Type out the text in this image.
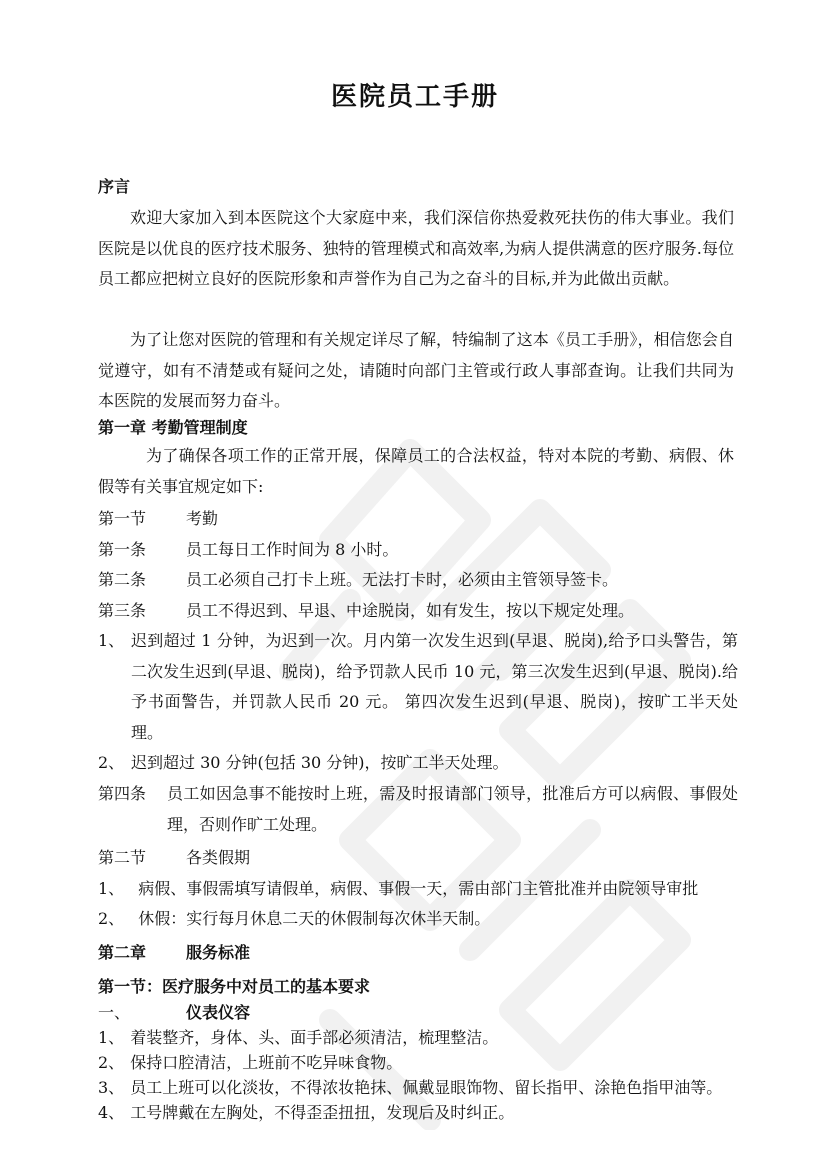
医院员工手册
序言
欢迎大家加入到本医院这个大家庭中来，我们深信你热爱救死扶伤的伟大事业。我们医院是以优良的医疗技术服务、独特的管理模式和高效率,为病人提供满意的医疗服务.每位员工都应把树立良好的医院形象和声誉作为自己为之奋斗的目标,并为此做出贡献。
为了让您对医院的管理和有关规定详尽了解，特编制了这本《员工手册》，相信您会自觉遵守，如有不清楚或有疑问之处，请随时向部门主管或行政人事部查询。让我们共同为本医院的发展而努力奋斗。
第一章 考勤管理制度
为了确保各项工作的正常开展，保障员工的合法权益，特对本院的考勤、病假、休假等有关事宜规定如下:
第一节	考勤
第一条	员工每日工作时间为 8 小时。
第二条	员工必须自己打卡上班。无法打卡时，必须由主管领导签卡。
第三条	员工不得迟到、早退、中途脱岗，如有发生，按以下规定处理。
1、 迟到超过 1 分钟，为迟到一次。月内第一次发生迟到(早退、脱岗),给予口头警告，第二次发生迟到(早退、脱岗)，给予罚款人民币 10 元，第三次发生迟到(早退、脱岗).给予书面警告，并罚款人民币 20 元。 第四次发生迟到(早退、脱岗)，按旷工半天处理。
2、 迟到超过 30 分钟(包括 30 分钟)，按旷工半天处理。
第四条 员工如因急事不能按时上班，需及时报请部门领导，批准后方可以病假、事假处理，否则作旷工处理。
第二节	各类假期
1、 病假、事假需填写请假单，病假、事假一天，需由部门主管批准并由院领导审批
2、 休假：实行每月休息二天的休假制每次休半天制。
第二章	服务标准
第一节：医疗服务中对员工的基本要求
一、	仪表仪容
1、 着装整齐，身体、头、面手部必须清洁，梳理整洁。
2、 保持口腔清洁，上班前不吃异味食物。
3、 员工上班可以化淡妆，不得浓妆艳抹、佩戴显眼饰物、留长指甲、涂艳色指甲油等。
4、 工号牌戴在左胸处，不得歪歪扭扭，发现后及时纠正。
